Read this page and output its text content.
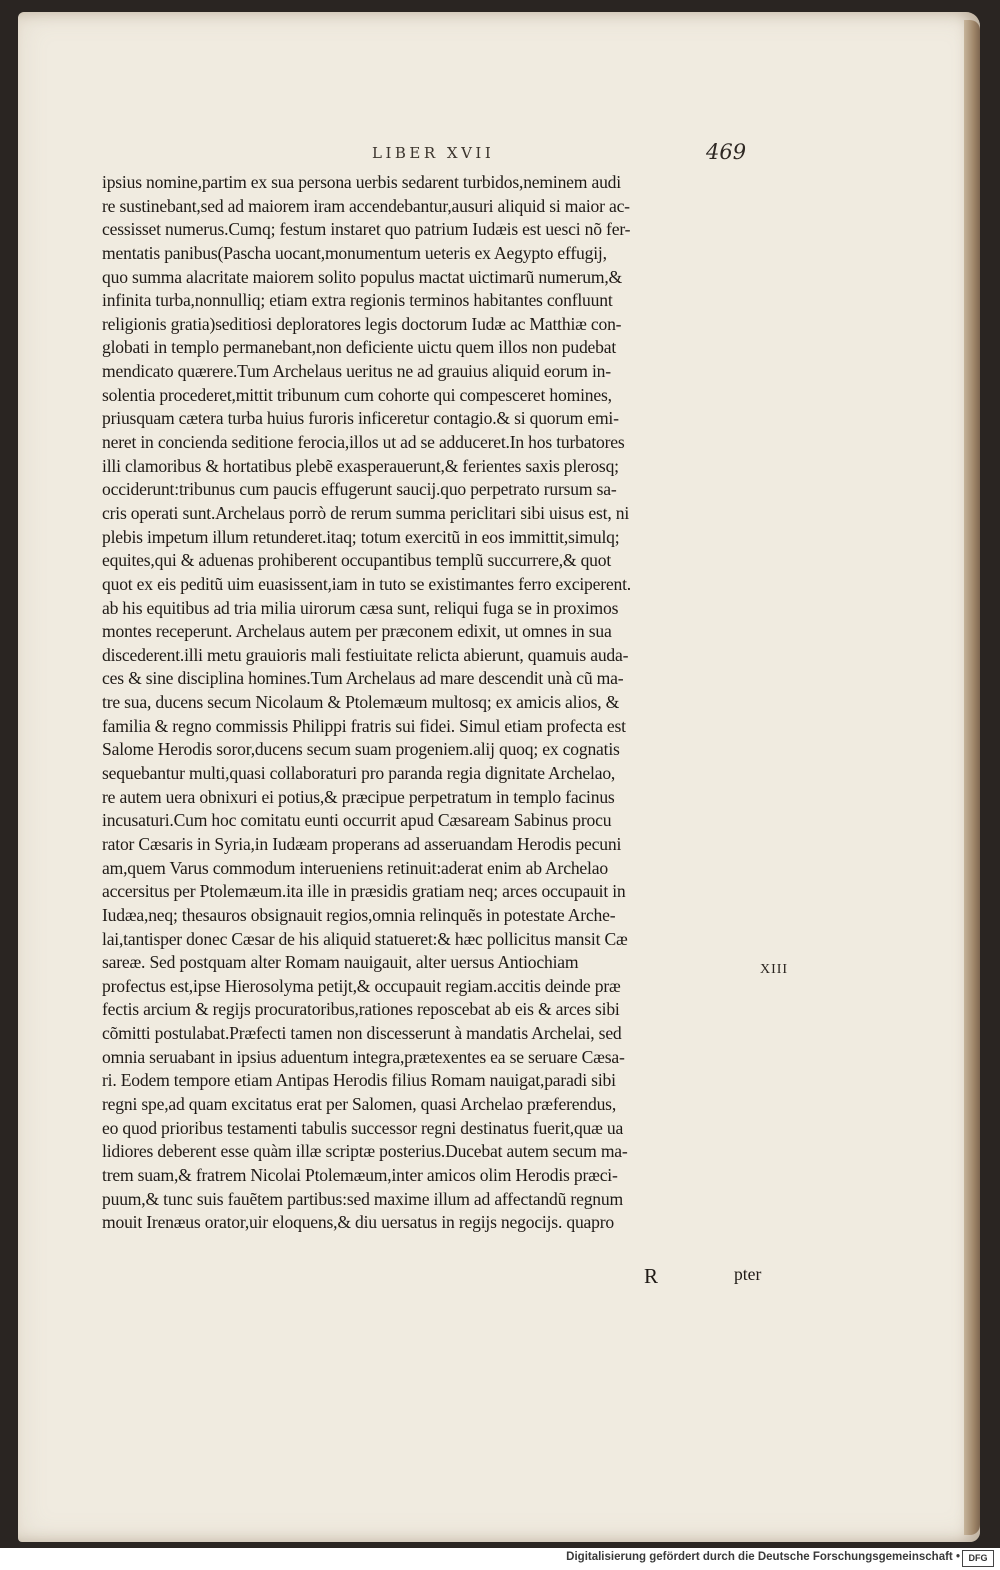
LIBER XVII	469
ipsius nomine,partim ex sua persona uerbis sedarent turbidos,neminem audi
re sustinebant,sed ad maiorem iram accendebantur,ausuri aliquid si maior ac-
cessisset numerus.Cumq; festum instaret quo patrium Iudæis est uesci nõ fer-
mentatis panibus(Pascha uocant,monumentum ueteris ex Aegypto effugij,
quo summa alacritate maiorem solito populus mactat uictimarũ numerum,&
infinita turba,nonnulliq; etiam extra regionis terminos habitantes confluunt
religionis gratia)seditiosi deploratores legis doctorum Iudæ ac Matthiæ con-
globati in templo permanebant,non deficiente uictu quem illos non pudebat
mendicato quærere.Tum Archelaus ueritus ne ad grauius aliquid eorum in-
solentia procederet,mittit tribunum cum cohorte qui compesceret homines,
priusquam cætera turba huius furoris inficeretur contagio.& si quorum emi-
neret in concienda seditione ferocia,illos ut ad se adduceret.In hos turbatores
illi clamoribus & hortatibus plebẽ exasperauerunt,& ferientes saxis plerosq;
occiderunt:tribunus cum paucis effugerunt saucij.quo perpetrato rursum sa-
cris operati sunt.Archelaus porrò de rerum summa periclitari sibi uisus est, ni
plebis impetum illum retunderet.itaq; totum exercitũ in eos immittit,simulq;
equites,qui & aduenas prohiberent occupantibus templũ succurrere,& quot
quot ex eis peditũ uim euasissent,iam in tuto se existimantes ferro exciperent.
ab his equitibus ad tria milia uirorum cæsa sunt, reliqui fuga se in proximos
montes receperunt. Archelaus autem per præconem edixit, ut omnes in sua
discederent.illi metu grauioris mali festiuitate relicta abierunt, quamuis auda-
ces & sine disciplina homines.Tum Archelaus ad mare descendit unà cũ ma-
tre sua, ducens secum Nicolaum & Ptolemæum multosq; ex amicis alios, &
familia & regno commissis Philippi fratris sui fidei. Simul etiam profecta est
Salome Herodis soror,ducens secum suam progeniem.alij quoq; ex cognatis
sequebantur multi,quasi collaboraturi pro paranda regia dignitate Archelao,
re autem uera obnixuri ei potius,& præcipue perpetratum in templo facinus
incusaturi.Cum hoc comitatu eunti occurrit apud Cæsaream Sabinus procu
rator Cæsaris in Syria,in Iudæam properans ad asseruandam Herodis pecuni
am,quem Varus commodum interueniens retinuit:aderat enim ab Archelao
accersitus per Ptolemæum.ita ille in præsidis gratiam neq; arces occupauit in
Iudæa,neq; thesauros obsignauit regios,omnia relinquẽs in potestate Arche-
lai,tantisper donec Cæsar de his aliquid statueret:& hæc pollicitus mansit Cæ
sareæ. Sed postquam alter Romam nauigauit, alter uersus Antiochiam
profectus est,ipse Hierosolyma petijt,& occupauit regiam.accitis deinde præ
fectis arcium & regijs procuratoribus,rationes reposcebat ab eis & arces sibi
cõmitti postulabat.Præfecti tamen non discesserunt à mandatis Archelai, sed
omnia seruabant in ipsius aduentum integra,prætexentes ea se seruare Cæsa-
ri. Eodem tempore etiam Antipas Herodis filius Romam nauigat,paradi sibi
regni spe,ad quam excitatus erat per Salomen, quasi Archelao præferendus,
eo quod prioribus testamenti tabulis successor regni destinatus fuerit,quæ ua
lidiores deberent esse quàm illæ scriptæ posterius.Ducebat autem secum ma-
trem suam,& fratrem Nicolai Ptolemæum,inter amicos olim Herodis præci-
puum,& tunc suis fauẽtem partibus:sed maxime illum ad affectandũ regnum
mouit Irenæus orator,uir eloquens,& diu uersatus in regijs negocijs. quapro
XIII
R	pter
Digitalisierung gefördert durch die Deutsche Forschungsgemeinschaft • DFG
